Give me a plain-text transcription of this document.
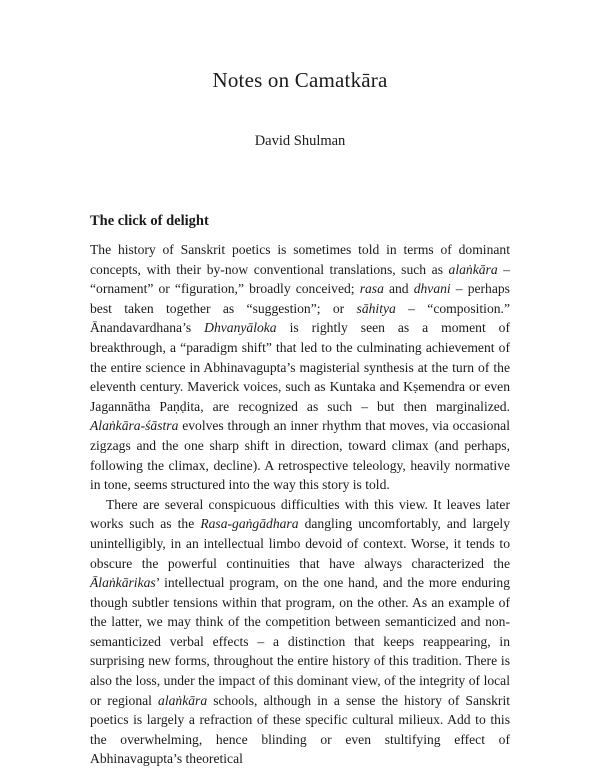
Notes on Camatkāra
David Shulman
The click of delight

The history of Sanskrit poetics is sometimes told in terms of dominant concepts, with their by-now conventional translations, such as alaṅkāra – “ornament” or “figuration,” broadly conceived; rasa and dhvani – perhaps best taken together as “suggestion”; or sāhitya – “composition.” Ānandavardhana’s Dhvanyāloka is rightly seen as a moment of breakthrough, a “paradigm shift” that led to the culminating achievement of the entire science in Abhinavagupta’s magisterial synthesis at the turn of the eleventh century. Maverick voices, such as Kuntaka and Kṣemendra or even Jagannātha Paṇḍita, are recognized as such – but then marginalized. Alaṅkāra-śāstra evolves through an inner rhythm that moves, via occasional zigzags and the one sharp shift in direction, toward climax (and perhaps, following the climax, decline). A retrospective teleology, heavily normative in tone, seems structured into the way this story is told.

There are several conspicuous difficulties with this view. It leaves later works such as the Rasa-gaṅgādhara dangling uncomfortably, and largely unintelligibly, in an intellectual limbo devoid of context. Worse, it tends to obscure the powerful continuities that have always characterized the Ālaṅkārikas’ intellectual program, on the one hand, and the more enduring though subtler tensions within that program, on the other. As an example of the latter, we may think of the competition between semanticized and non-semanticized verbal effects – a distinction that keeps reappearing, in surprising new forms, throughout the entire history of this tradition. There is also the loss, under the impact of this dominant view, of the integrity of local or regional alaṅkāra schools, although in a sense the history of Sanskrit poetics is largely a refraction of these specific cultural milieux. Add to this the overwhelming, hence blinding or even stultifying effect of Abhinavagupta’s theoretical
